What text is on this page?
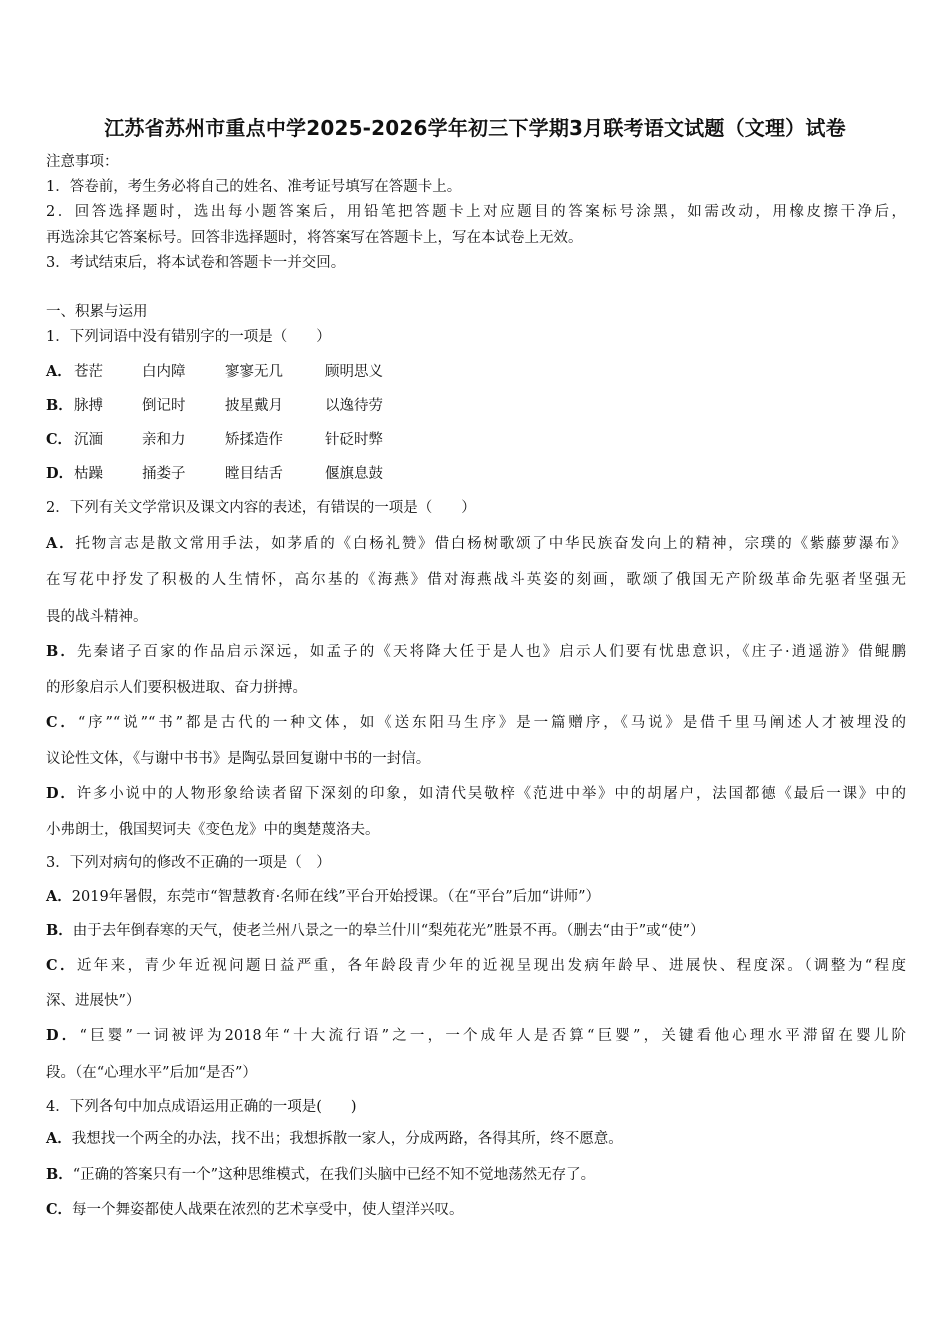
江苏省苏州市重点中学2025-2026学年初三下学期3月联考语文试题（文理）试卷
注意事项：
1．答卷前，考生务必将自己的姓名、准考证号填写在答题卡上。
2．回答选择题时，选出每小题答案后，用铅笔把答题卡上对应题目的答案标号涂黑，如需改动，用橡皮擦干净后，
再选涂其它答案标号。回答非选择题时，将答案写在答题卡上，写在本试卷上无效。
3．考试结束后，将本试卷和答题卡一并交回。
一、积累与运用
1．下列词语中没有错别字的一项是（　　）
A． 苍茫	白内障	寥寥无几	顾明思义
B．脉搏	倒记时	披星戴月	以逸待劳
C． 沉湎	亲和力	矫揉造作	针砭时弊
D．枯躁	捅娄子	瞠目结舌	偃旗息鼓
2．下列有关文学常识及课文内容的表述，有错误的一项是（　　）
A．托物言志是散文常用手法，如茅盾的《白杨礼赞》借白杨树歌颂了中华民族奋发向上的精神，宗璞的《紫藤萝瀑布》
在写花中抒发了积极的人生情怀，高尔基的《海燕》借对海燕战斗英姿的刻画，歌颂了俄国无产阶级革命先驱者坚强无
畏的战斗精神。
B．先秦诸子百家的作品启示深远，如孟子的《天将降大任于是人也》启示人们要有忧患意识，《庄子·逍遥游》借鲲鹏
的形象启示人们要积极进取、奋力拼搏。
C．“序”“说”“书”都是古代的一种文体，如《送东阳马生序》是一篇赠序，《马说》是借千里马阐述人才被埋没的
议论性文体，《与谢中书书》是陶弘景回复谢中书的一封信。
D．许多小说中的人物形象给读者留下深刻的印象，如清代吴敬梓《范进中举》中的胡屠户，法国都德《最后一课》中的
小弗朗士，俄国契诃夫《变色龙》中的奥楚蔑洛夫。
3．下列对病句的修改不正确的一项是（　）
A．2019年暑假，东莞市“智慧教育·名师在线”平台开始授课。（在“平台”后加“讲师”）
B．由于去年倒春寒的天气，使老兰州八景之一的皋兰什川“梨苑花光”胜景不再。（删去“由于”或“使”）
C．近年来，青少年近视问题日益严重，各年龄段青少年的近视呈现出发病年龄早、进展快、程度深。（调整为“程度
深、进展快”）
D．“巨婴”一词被评为2018年“十大流行语”之一，一个成年人是否算“巨婴”，关键看他心理水平滞留在婴儿阶
段。（在“心理水平”后加“是否”）
4．下列各句中加点成语运用正确的一项是(　　)
A．我想找一个两全的办法，找不出；我想拆散一家人，分成两路，各得其所，终不愿意。
B．“正确的答案只有一个”这种思维模式，在我们头脑中已经不知不觉地荡然无存了。
C．每一个舞姿都使人战栗在浓烈的艺术享受中，使人望洋兴叹。
